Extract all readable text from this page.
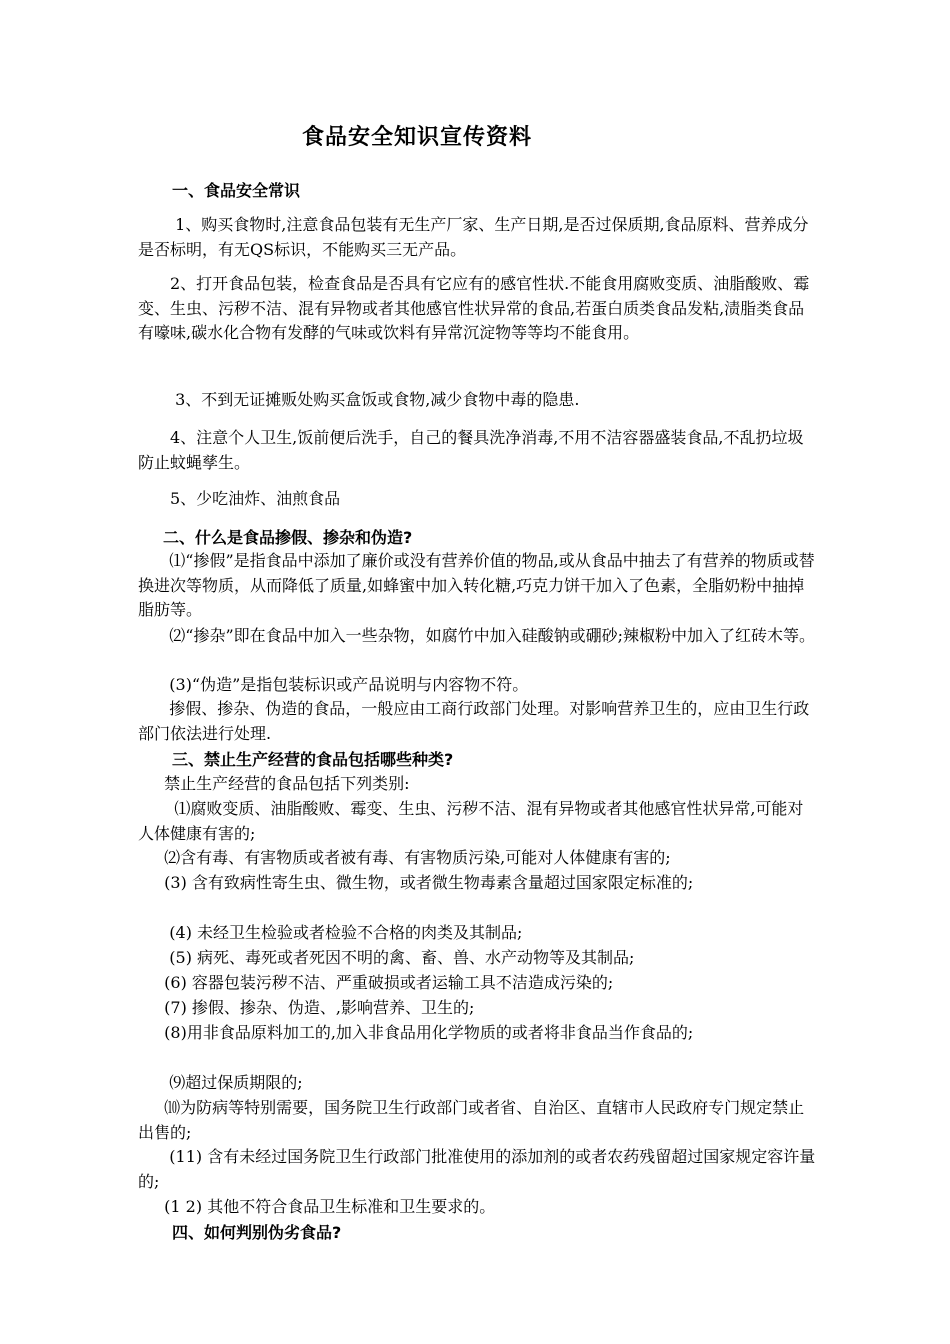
食品安全知识宣传资料
一、食品安全常识
1、购买食物时,注意食品包装有无生产厂家、生产日期,是否过保质期,食品原料、营养成分是否标明，有无QS标识，不能购买三无产品。
2、打开食品包装，检查食品是否具有它应有的感官性状.不能食用腐败变质、油脂酸败、霉变、生虫、污秽不洁、混有异物或者其他感官性状异常的食品,若蛋白质类食品发粘,渍脂类食品有嚎味,碳水化合物有发酵的气味或饮料有异常沉淀物等等均不能食用。
3、不到无证摊贩处购买盒饭或食物,减少食物中毒的隐患.
4、注意个人卫生,饭前便后洗手，自己的餐具洗净消毒,不用不洁容器盛装食品,不乱扔垃圾防止蚊蝇孳生。
5、少吃油炸、油煎食品
二、什么是食品掺假、掺杂和伪造?
⑴“掺假”是指食品中添加了廉价或没有营养价值的物品,或从食品中抽去了有营养的物质或替换进次等物质，从而降低了质量,如蜂蜜中加入转化糖,巧克力饼干加入了色素，全脂奶粉中抽掉脂肪等。
⑵“掺杂”即在食品中加入一些杂物，如腐竹中加入硅酸钠或硼砂;辣椒粉中加入了红砖木等。
(3)“伪造”是指包装标识或产品说明与内容物不符。
掺假、掺杂、伪造的食品，一般应由工商行政部门处理。对影响营养卫生的，应由卫生行政部门依法进行处理.
三、禁止生产经营的食品包括哪些种类?
禁止生产经营的食品包括下列类别:
⑴腐败变质、油脂酸败、霉变、生虫、污秽不洁、混有异物或者其他感官性状异常,可能对人体健康有害的;
⑵含有毒、有害物质或者被有毒、有害物质污染,可能对人体健康有害的;
(3) 含有致病性寄生虫、微生物，或者微生物毒素含量超过国家限定标准的;
(4) 未经卫生检验或者检验不合格的肉类及其制品;
(5) 病死、毒死或者死因不明的禽、畜、兽、水产动物等及其制品;
(6) 容器包装污秽不洁、严重破损或者运输工具不洁造成污染的;
(7) 掺假、掺杂、伪造、,影响营养、卫生的;
(8)用非食品原料加工的,加入非食品用化学物质的或者将非食品当作食品的;
⑼超过保质期限的;
⑽为防病等特别需要，国务院卫生行政部门或者省、自治区、直辖市人民政府专门规定禁止出售的;
(11) 含有未经过国务院卫生行政部门批准使用的添加剂的或者农药残留超过国家规定容许量的;
(1 2) 其他不符合食品卫生标准和卫生要求的。
四、如何判别伪劣食品?
